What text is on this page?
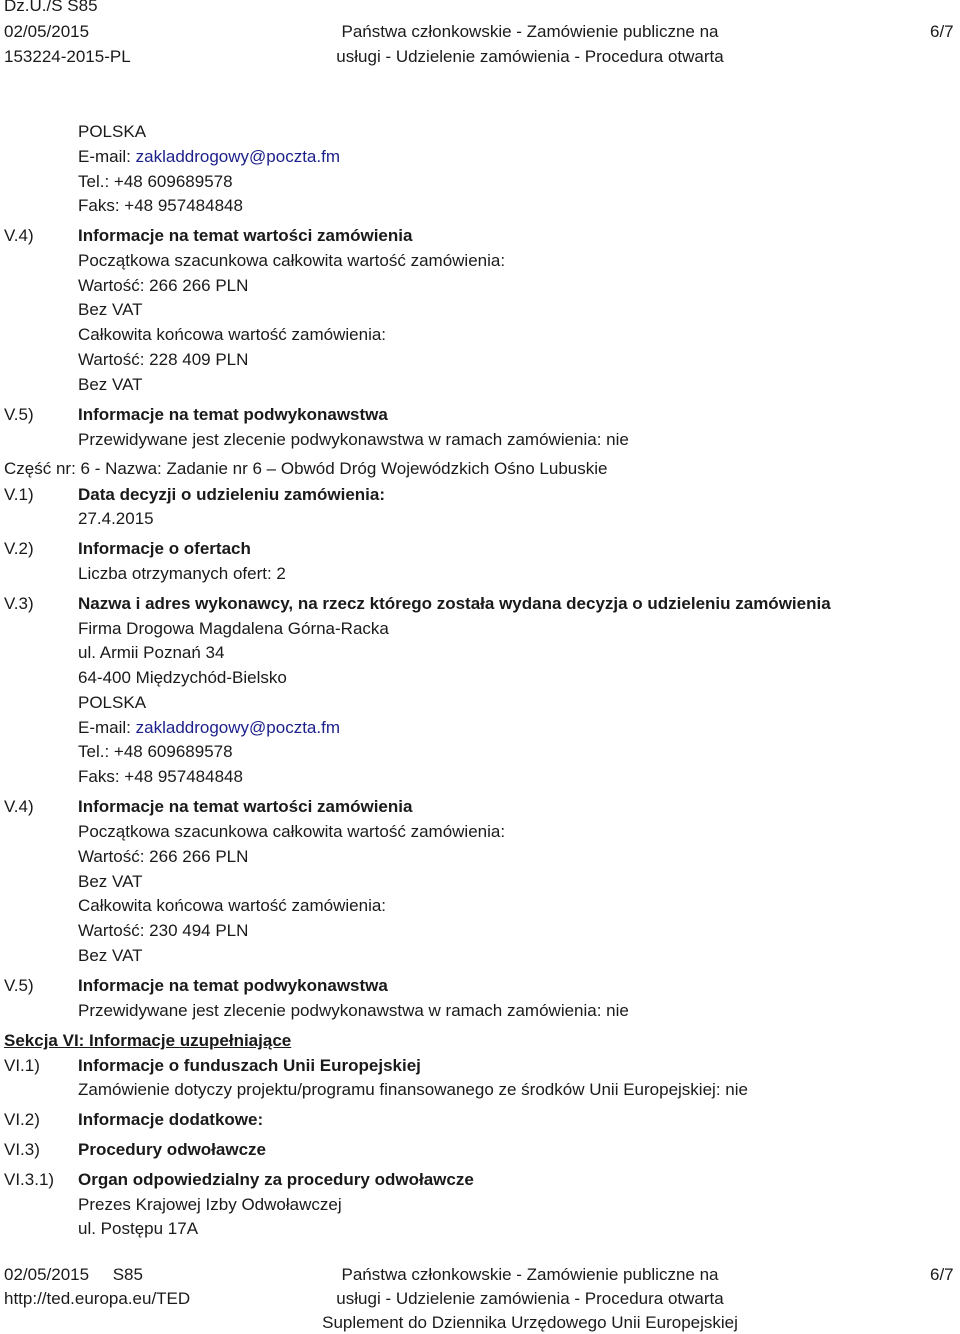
Dz.U./S S85
02/05/2015
153224-2015-PL
Państwa członkowskie - Zamówienie publiczne na
usługi - Udzielenie zamówienia - Procedura otwarta
6/7
POLSKA
E-mail: zakladdrogowy@poczta.fm
Tel.: +48 609689578
Faks: +48 957484848
V.4)	Informacje na temat wartości zamówienia
Początkowa szacunkowa całkowita wartość zamówienia:
Wartość: 266 266 PLN
Bez VAT
Całkowita końcowa wartość zamówienia:
Wartość: 228 409 PLN
Bez VAT
V.5)	Informacje na temat podwykonawstwa
Przewidywane jest zlecenie podwykonawstwa w ramach zamówienia: nie
Część nr: 6 - Nazwa: Zadanie nr 6 – Obwód Dróg Wojewódzkich Ośno Lubuskie
V.1)	Data decyzji o udzieleniu zamówienia:
27.4.2015
V.2)	Informacje o ofertach
Liczba otrzymanych ofert: 2
V.3)	Nazwa i adres wykonawcy, na rzecz którego została wydana decyzja o udzieleniu zamówienia
Firma Drogowa Magdalena Górna-Racka
ul. Armii Poznań 34
64-400 Międzychód-Bielsko
POLSKA
E-mail: zakladdrogowy@poczta.fm
Tel.: +48 609689578
Faks: +48 957484848
V.4)	Informacje na temat wartości zamówienia
Początkowa szacunkowa całkowita wartość zamówienia:
Wartość: 266 266 PLN
Bez VAT
Całkowita końcowa wartość zamówienia:
Wartość: 230 494 PLN
Bez VAT
V.5)	Informacje na temat podwykonawstwa
Przewidywane jest zlecenie podwykonawstwa w ramach zamówienia: nie
Sekcja VI: Informacje uzupełniające
VI.1) Informacje o funduszach Unii Europejskiej
Zamówienie dotyczy projektu/programu finansowanego ze środków Unii Europejskiej: nie
VI.2) Informacje dodatkowe:
VI.3) Procedury odwoławcze
VI.3.1) Organ odpowiedzialny za procedury odwoławcze
Prezes Krajowej Izby Odwoławczej
ul. Postępu 17A
02/05/2015     S85
http://ted.europa.eu/TED
Państwa członkowskie - Zamówienie publiczne na
usługi - Udzielenie zamówienia - Procedura otwarta
Suplement do Dziennika Urzędowego Unii Europejskiej
6/7
